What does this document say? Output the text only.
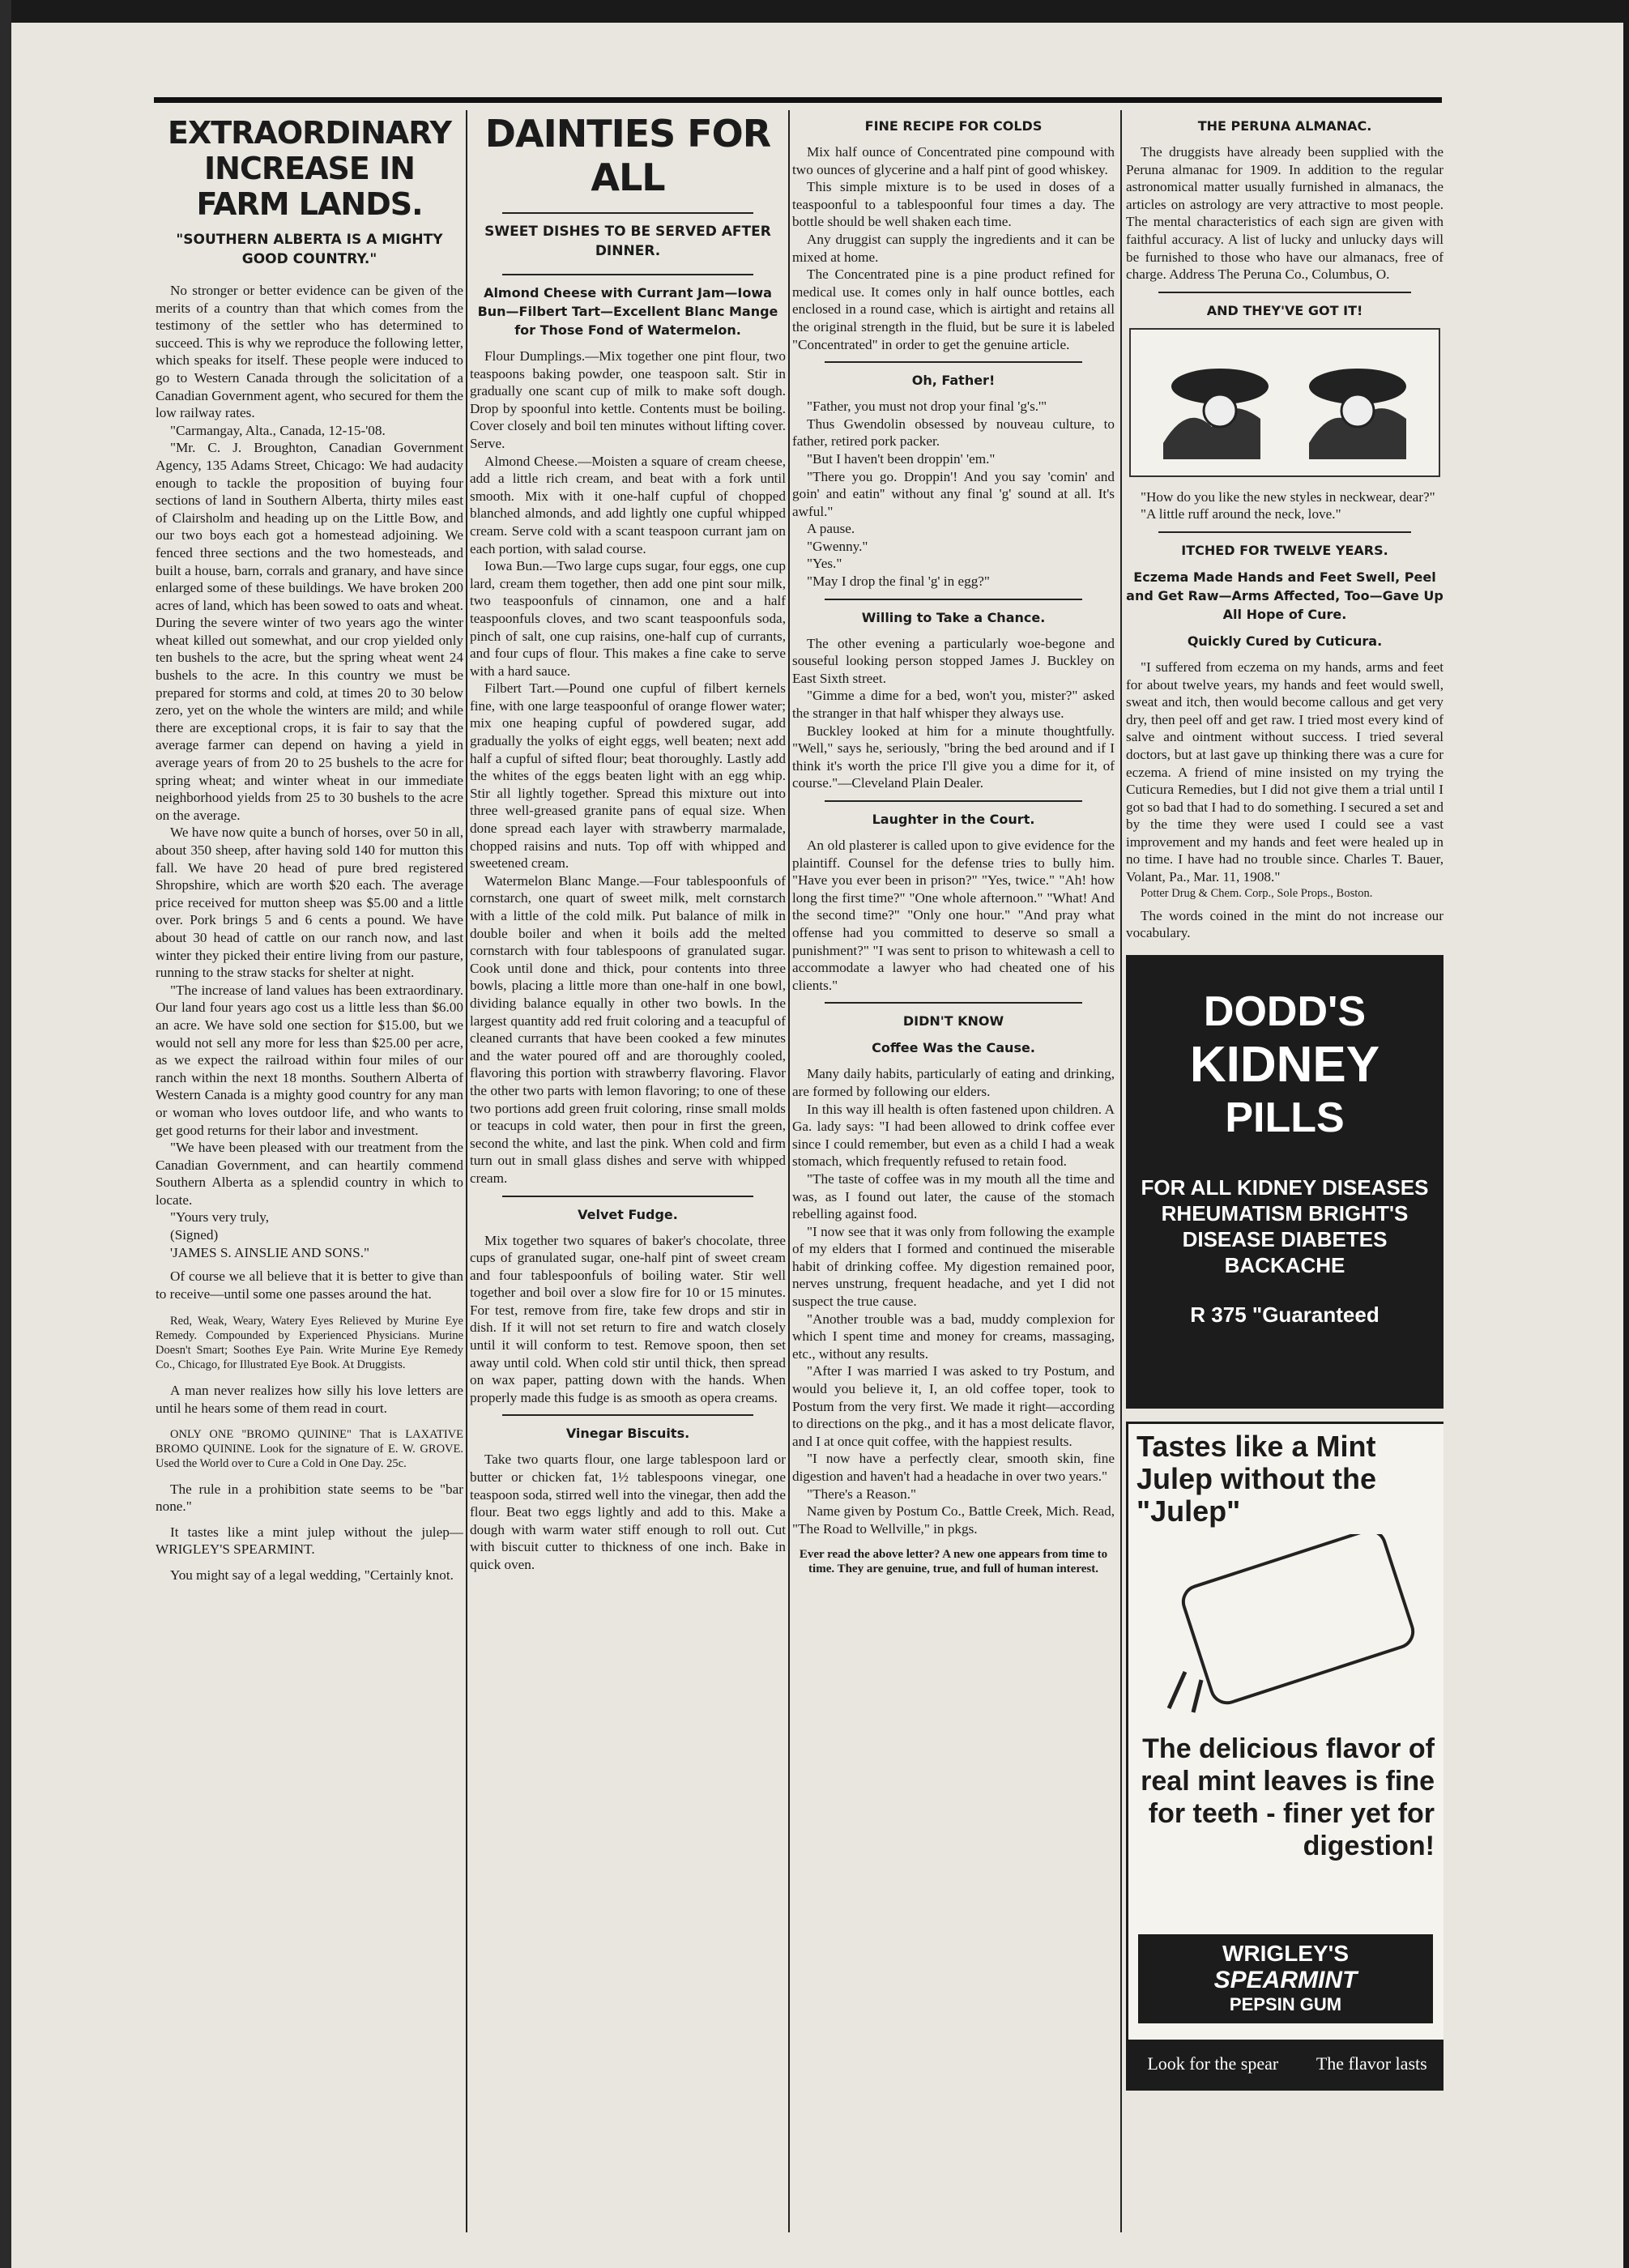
EXTRAORDINARY INCREASE IN FARM LANDS.
"SOUTHERN ALBERTA IS A MIGHTY GOOD COUNTRY."

No stronger or better evidence can be given of the merits of a country than that which comes from the testimony of the settler who has determined to succeed. This is why we reproduce the following letter, which speaks for itself. These people were induced to go to Western Canada through the solicitation of a Canadian Government agent, who secured for them the low railway rates.

"Carmangay, Alta., Canada, 12-15-'08.

"Mr. C. J. Broughton, Canadian Government Agency, 135 Adams Street, Chicago: We had audacity enough to tackle the proposition of buying four sections of land in Southern Alberta, thirty miles east of Clairsholm and heading up on the Little Bow, and our two boys each got a homestead adjoining. We fenced three sections and the two homesteads, and built a house, barn, corrals and granary, and have since enlarged some of these buildings. We have broken 200 acres of land, which has been sowed to oats and wheat. During the severe winter of two years ago the winter wheat killed out somewhat, and our crop yielded only ten bushels to the acre, but the spring wheat went 24 bushels to the acre. In this country we must be prepared for storms and cold, at times 20 to 30 below zero, yet on the whole the winters are mild; and while there are exceptional crops, it is fair to say that the average farmer can depend on having a yield in average years of from 20 to 25 bushels to the acre for spring wheat; and winter wheat in our immediate neighborhood yields from 25 to 30 bushels to the acre on the average.

We have now quite a bunch of horses, over 50 in all, about 350 sheep, after having sold 140 for mutton this fall. We have 20 head of pure bred registered Shropshire, which are worth $20 each. The average price received for mutton sheep was $5.00 and a little over. Pork brings 5 and 6 cents a pound. We have about 30 head of cattle on our ranch now, and last winter they picked their entire living from our pasture, running to the straw stacks for shelter at night.

"The increase of land values has been extraordinary. Our land four years ago cost us a little less than $6.00 an acre. We have sold one section for $15.00, but we would not sell any more for less than $25.00 per acre, as we expect the railroad within four miles of our ranch within the next 18 months. Southern Alberta of Western Canada is a mighty good country for any man or woman who loves outdoor life, and who wants to get good returns for their labor and investment.

"We have been pleased with our treatment from the Canadian Government, and can heartily commend Southern Alberta as a splendid country in which to locate.

"Yours very truly,

(Signed)

'JAMES S. AINSLIE AND SONS."

Of course we all believe that it is better to give than to receive—until some one passes around the hat.

Red, Weak, Weary, Watery Eyes Relieved by Murine Eye Remedy. Compounded by Experienced Physicians. Murine Doesn't Smart; Soothes Eye Pain. Write Murine Eye Remedy Co., Chicago, for Illustrated Eye Book. At Druggists.

A man never realizes how silly his love letters are until he hears some of them read in court.

ONLY ONE "BROMO QUININE" That is LAXATIVE BROMO QUININE. Look for the signature of E. W. GROVE. Used the World over to Cure a Cold in One Day. 25c.

The rule in a prohibition state seems to be "bar none."

It tastes like a mint julep without the julep—WRIGLEY'S SPEARMINT.

You might say of a legal wedding, "Certainly knot.

DAINTIES FOR ALL
SWEET DISHES TO BE SERVED AFTER DINNER.
Almond Cheese with Currant Jam—Iowa Bun—Filbert Tart—Excellent Blanc Mange for Those Fond of Watermelon.

Flour Dumplings.—Mix together one pint flour, two teaspoons baking powder, one teaspoon salt. Stir in gradually one scant cup of milk to make soft dough. Drop by spoonful into kettle. Contents must be boiling. Cover closely and boil ten minutes without lifting cover. Serve.

Almond Cheese.—Moisten a square of cream cheese, add a little rich cream, and beat with a fork until smooth. Mix with it one-half cupful of chopped blanched almonds, and add lightly one cupful whipped cream. Serve cold with a scant teaspoon currant jam on each portion, with salad course.

Iowa Bun.—Two large cups sugar, four eggs, one cup lard, cream them together, then add one pint sour milk, two teaspoonfuls of cinnamon, one and a half teaspoonfuls cloves, and two scant teaspoonfuls soda, pinch of salt, one cup raisins, one-half cup of currants, and four cups of flour. This makes a fine cake to serve with a hard sauce.

Filbert Tart.—Pound one cupful of filbert kernels fine, with one large teaspoonful of orange flower water; mix one heaping cupful of powdered sugar, add gradually the yolks of eight eggs, well beaten; next add half a cupful of sifted flour; beat thoroughly. Lastly add the whites of the eggs beaten light with an egg whip. Stir all lightly together. Spread this mixture out into three well-greased granite pans of equal size. When done spread each layer with strawberry marmalade, chopped raisins and nuts. Top off with whipped and sweetened cream.

Watermelon Blanc Mange.—Four tablespoonfuls of cornstarch, one quart of sweet milk, melt cornstarch with a little of the cold milk. Put balance of milk in double boiler and when it boils add the melted cornstarch with four tablespoons of granulated sugar. Cook until done and thick, pour contents into three bowls, placing a little more than one-half in one bowl, dividing balance equally in other two bowls. In the largest quantity add red fruit coloring and a teacupful of cleaned currants that have been cooked a few minutes and the water poured off and are thoroughly cooled, flavoring this portion with strawberry flavoring. Flavor the other two parts with lemon flavoring; to one of these two portions add green fruit coloring, rinse small molds or teacups in cold water, then pour in first the green, second the white, and last the pink. When cold and firm turn out in small glass dishes and serve with whipped cream.

Velvet Fudge.

Mix together two squares of baker's chocolate, three cups of granulated sugar, one-half pint of sweet cream and four tablespoonfuls of boiling water. Stir well together and boil over a slow fire for 10 or 15 minutes. For test, remove from fire, take few drops and stir in dish. If it will not set return to fire and watch closely until it will conform to test. Remove spoon, then set away until cold. When cold stir until thick, then spread on wax paper, patting down with the hands. When properly made this fudge is as smooth as opera creams.

Vinegar Biscuits.

Take two quarts flour, one large tablespoon lard or butter or chicken fat, 1½ tablespoons vinegar, one teaspoon soda, stirred well into the vinegar, then add the flour. Beat two eggs lightly and add to this. Make a dough with warm water stiff enough to roll out. Cut with biscuit cutter to thickness of one inch. Bake in quick oven.

FINE RECIPE FOR COLDS

Mix half ounce of Concentrated pine compound with two ounces of glycerine and a half pint of good whiskey.

This simple mixture is to be used in doses of a teaspoonful to a tablespoonful four times a day. The bottle should be well shaken each time.

Any druggist can supply the ingredients and it can be mixed at home.

The Concentrated pine is a pine product refined for medical use. It comes only in half ounce bottles, each enclosed in a round case, which is airtight and retains all the original strength in the fluid, but be sure it is labeled "Concentrated" in order to get the genuine article.

Oh, Father!

"Father, you must not drop your final 'g's.'"

Thus Gwendolin obsessed by nouveau culture, to father, retired pork packer.

"But I haven't been droppin' 'em."

"There you go. Droppin'! And you say 'comin' and goin' and eatin'' without any final 'g' sound at all. It's awful."

A pause.

"Gwenny."

"Yes."

"May I drop the final 'g' in egg?"

Willing to Take a Chance.

The other evening a particularly woe-begone and souseful looking person stopped James J. Buckley on East Sixth street.

"Gimme a dime for a bed, won't you, mister?" asked the stranger in that half whisper they always use.

Buckley looked at him for a minute thoughtfully. "Well," says he, seriously, "bring the bed around and if I think it's worth the price I'll give you a dime for it, of course."—Cleveland Plain Dealer.

Laughter in the Court.

An old plasterer is called upon to give evidence for the plaintiff. Counsel for the defense tries to bully him. "Have you ever been in prison?" "Yes, twice." "Ah! how long the first time?" "One whole afternoon." "What! And the second time?" "Only one hour." "And pray what offense had you committed to deserve so small a punishment?" "I was sent to prison to whitewash a cell to accommodate a lawyer who had cheated one of his clients."

DIDN'T KNOW
Coffee Was the Cause.

Many daily habits, particularly of eating and drinking, are formed by following our elders.

In this way ill health is often fastened upon children. A Ga. lady says: "I had been allowed to drink coffee ever since I could remember, but even as a child I had a weak stomach, which frequently refused to retain food.

"The taste of coffee was in my mouth all the time and was, as I found out later, the cause of the stomach rebelling against food.

"I now see that it was only from following the example of my elders that I formed and continued the miserable habit of drinking coffee. My digestion remained poor, nerves unstrung, frequent headache, and yet I did not suspect the true cause.

"Another trouble was a bad, muddy complexion for which I spent time and money for creams, massaging, etc., without any results.

"After I was married I was asked to try Postum, and would you believe it, I, an old coffee toper, took to Postum from the very first. We made it right—according to directions on the pkg., and it has a most delicate flavor, and I at once quit coffee, with the happiest results.

"I now have a perfectly clear, smooth skin, fine digestion and haven't had a headache in over two years."

"There's a Reason."

Name given by Postum Co., Battle Creek, Mich. Read, "The Road to Wellville," in pkgs.

Ever read the above letter? A new one appears from time to time. They are genuine, true, and full of human interest.

THE PERUNA ALMANAC.

The druggists have already been supplied with the Peruna almanac for 1909. In addition to the regular astronomical matter usually furnished in almanacs, the articles on astrology are very attractive to most people. The mental characteristics of each sign are given with faithful accuracy. A list of lucky and unlucky days will be furnished to those who have our almanacs, free of charge. Address The Peruna Co., Columbus, O.

AND THEY'VE GOT IT!

"How do you like the new styles in neckwear, dear?"

"A little ruff around the neck, love."

ITCHED FOR TWELVE YEARS.
Eczema Made Hands and Feet Swell, Peel and Get Raw—Arms Affected, Too—Gave Up All Hope of Cure.
Quickly Cured by Cuticura.

"I suffered from eczema on my hands, arms and feet for about twelve years, my hands and feet would swell, sweat and itch, then would become callous and get very dry, then peel off and get raw. I tried most every kind of salve and ointment without success. I tried several doctors, but at last gave up thinking there was a cure for eczema. A friend of mine insisted on my trying the Cuticura Remedies, but I did not give them a trial until I got so bad that I had to do something. I secured a set and by the time they were used I could see a vast improvement and my hands and feet were healed up in no time. I have had no trouble since. Charles T. Bauer, Volant, Pa., Mar. 11, 1908."

Potter Drug & Chem. Corp., Sole Props., Boston.

The words coined in the mint do not increase our vocabulary.

DODD'S
KIDNEY
PILLS
FOR ALL KIDNEY DISEASES RHEUMATISM BRIGHT'S DISEASE DIABETES BACKACHE
R 375 "Guaranteed
Tastes like a Mint Julep without the "Julep"
The delicious flavor of real mint leaves is fine for teeth - finer yet for digestion!
WRIGLEY'S
SPEARMINT
PEPSIN GUM
Look for the spear The flavor lasts
